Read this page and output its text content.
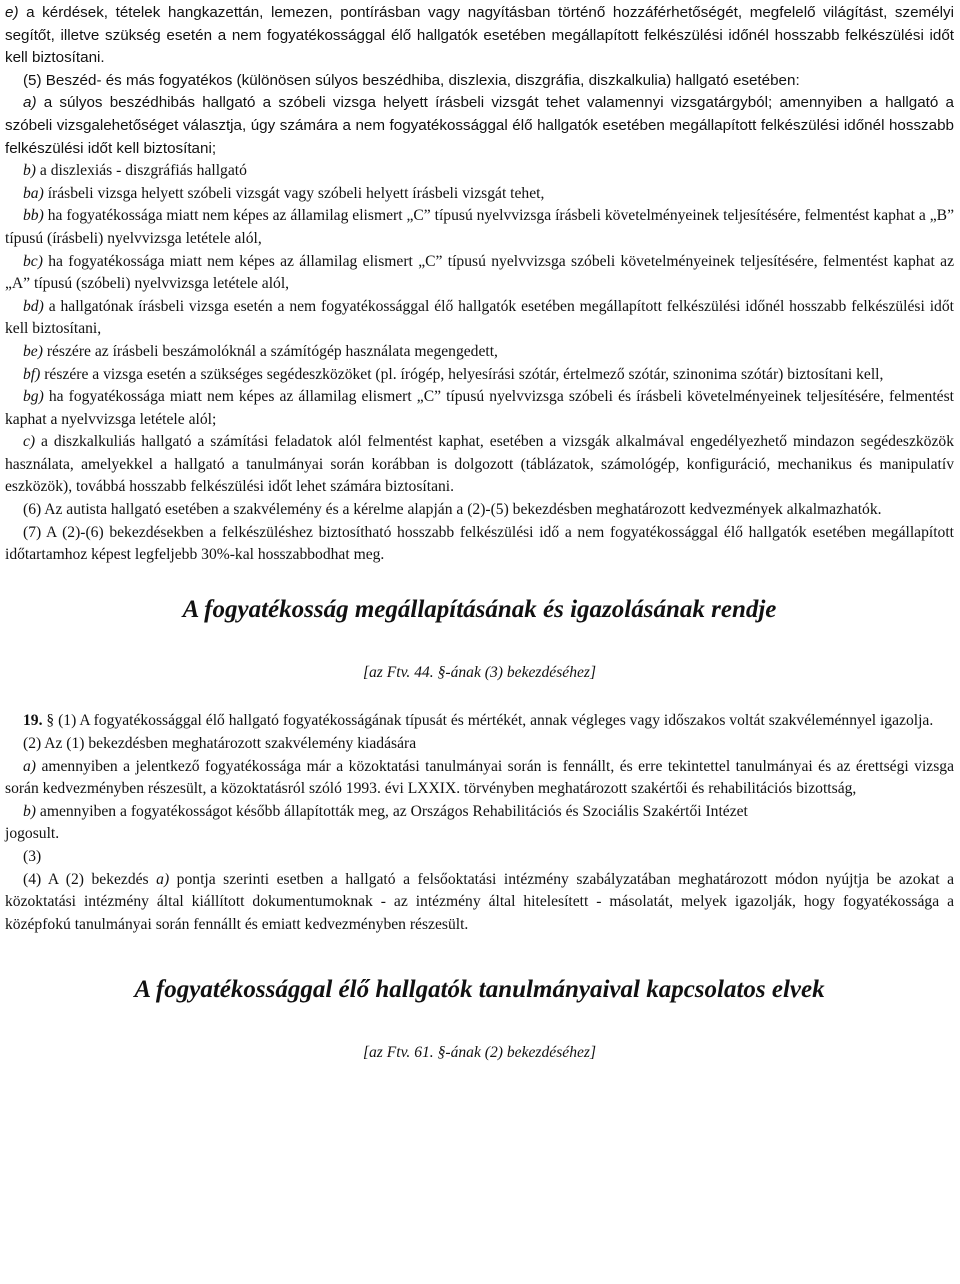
e) a kérdések, tételek hangkazettán, lemezen, pontírásban vagy nagyításban történő hozzáférhetőségét, megfelelő világítást, személyi segítőt, illetve szükség esetén a nem fogyatékossággal élő hallgatók esetében megállapított felkészülési időnél hosszabb felkészülési időt kell biztosítani.

(5) Beszéd- és más fogyatékos (különösen súlyos beszédhiba, diszlexia, diszgráfia, diszkalkulia) hallgató esetében:

a) a súlyos beszédhibás hallgató a szóbeli vizsga helyett írásbeli vizsgát tehet valamennyi vizsgatárgyból; amennyiben a hallgató a szóbeli vizsgalehetőséget választja, úgy számára a nem fogyatékossággal élő hallgatók esetében megállapított felkészülési időnél hosszabb felkészülési időt kell biztosítani;

b) a diszlexiás - diszgráfiás hallgató

ba) írásbeli vizsga helyett szóbeli vizsgát vagy szóbeli helyett írásbeli vizsgát tehet,

bb) ha fogyatékossága miatt nem képes az államilag elismert „C” típusú nyelvvizsga írásbeli követelményeinek teljesítésére, felmentést kaphat a „B” típusú (írásbeli) nyelvvizsga letétele alól,

bc) ha fogyatékossága miatt nem képes az államilag elismert „C” típusú nyelvvizsga szóbeli követelményeinek teljesítésére, felmentést kaphat az „A” típusú (szóbeli) nyelvvizsga letétele alól,

bd) a hallgatónak írásbeli vizsga esetén a nem fogyatékossággal élő hallgatók esetében megállapított felkészülési időnél hosszabb felkészülési időt kell biztosítani,

be) részére az írásbeli beszámolóknál a számítógép használata megengedett,

bf) részére a vizsga esetén a szükséges segédeszközöket (pl. írógép, helyesírási szótár, értelmező szótár, szinonima szótár) biztosítani kell,

bg) ha fogyatékossága miatt nem képes az államilag elismert „C” típusú nyelvvizsga szóbeli és írásbeli követelményeinek teljesítésére, felmentést kaphat a nyelvvizsga letétele alól;

c) a diszkalkuliás hallgató a számítási feladatok alól felmentést kaphat, esetében a vizsgák alkalmával engedélyezhető mindazon segédeszközök használata, amelyekkel a hallgató a tanulmányai során korábban is dolgozott (táblázatok, számológép, konfiguráció, mechanikus és manipulatív eszközök), továbbá hosszabb felkészülési időt lehet számára biztosítani.

(6) Az autista hallgató esetében a szakvélemény és a kérelme alapján a (2)-(5) bekezdésben meghatározott kedvezmények alkalmazhatók.

(7) A (2)-(6) bekezdésekben a felkészüléshez biztosítható hosszabb felkészülési idő a nem fogyatékossággal élő hallgatók esetében megállapított időtartamhoz képest legfeljebb 30%-kal hosszabbodhat meg.

A fogyatékosság megállapításának és igazolásának rendje

[az Ftv. 44. §-ának (3) bekezdéséhez]

19. § (1) A fogyatékossággal élő hallgató fogyatékosságának típusát és mértékét, annak végleges vagy időszakos voltát szakvéleménnyel igazolja.

(2) Az (1) bekezdésben meghatározott szakvélemény kiadására

a) amennyiben a jelentkező fogyatékossága már a közoktatási tanulmányai során is fennállt, és erre tekintettel tanulmányai és az érettségi vizsga során kedvezményben részesült, a közoktatásról szóló 1993. évi LXXIX. törvényben meghatározott szakértői és rehabilitációs bizottság,

b) amennyiben a fogyatékosságot később állapították meg, az Országos Rehabilitációs és Szociális Szakértői Intézet

jogosult.

(3)

(4) A (2) bekezdés a) pontja szerinti esetben a hallgató a felsőoktatási intézmény szabályzatában meghatározott módon nyújtja be azokat a közoktatási intézmény által kiállított dokumentumoknak - az intézmény által hitelesített - másolatát, melyek igazolják, hogy fogyatékossága a középfokú tanulmányai során fennállt és emiatt kedvezményben részesült.

A fogyatékossággal élő hallgatók tanulmányaival kapcsolatos elvek

[az Ftv. 61. §-ának (2) bekezdéséhez]
